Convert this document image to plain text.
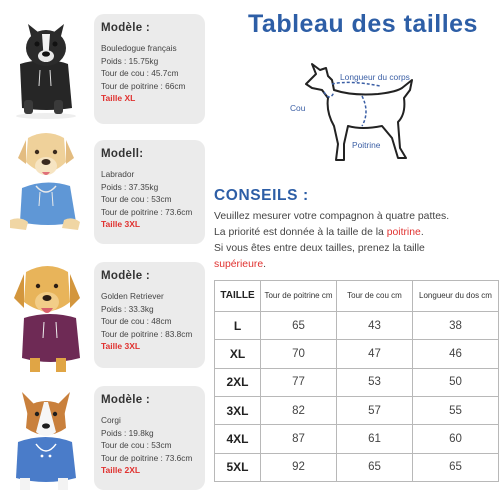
Modèle :
Bouledogue français
Poids : 15.75kg
Tour de cou : 45.7cm
Tour de poitrine : 66cm
Taille XL
Modell:
Labrador
Poids : 37.35kg
Tour de cou : 53cm
Tour de poitrine : 73.6cm
Taille 3XL
Modèle :
Golden Retriever
Poids : 33.3kg
Tour de cou : 48cm
Tour de poitrine : 83.8cm
Taille 3XL
Modèle :
Corgi
Poids : 19.8kg
Tour de cou : 53cm
Tour de poitrine : 73.6cm
Taille 2XL
Tableau des tailles
Longueur du corps
Cou
Poitrine
CONSEILS :
Veuillez mesurer votre compagnon à quatre pattes.
La priorité est donnée à la taille de la poitrine.
Si vous êtes entre deux tailles, prenez la taille
supérieure.
TAILLE	Tour de poitrine cm	Tour de cou cm	Longueur du dos cm
L	65	43	38
XL	70	47	46
2XL	77	53	50
3XL	82	57	55
4XL	87	61	60
5XL	92	65	65
